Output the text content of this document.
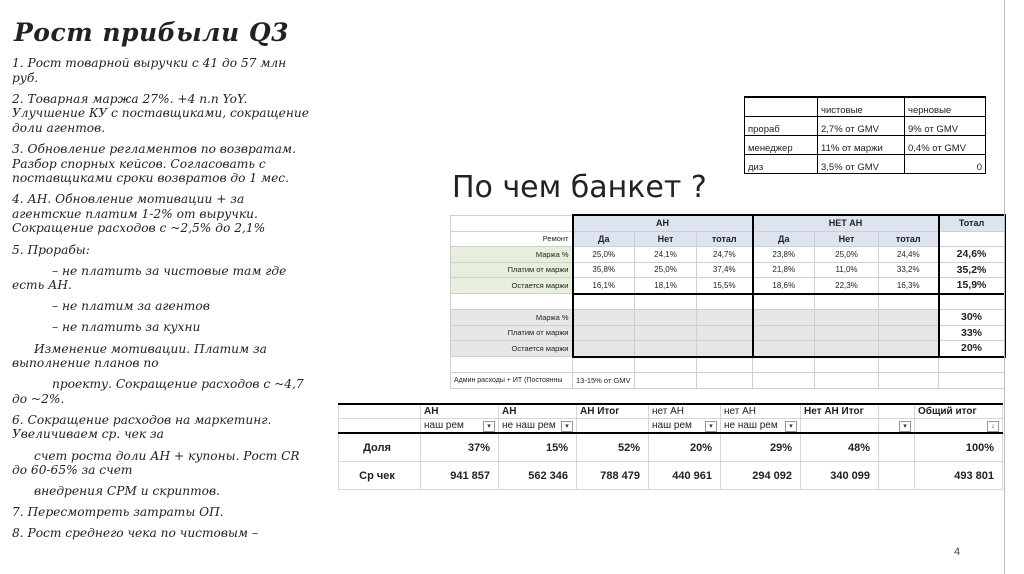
Рост прибыли Q3

1. Рост товарной выручки с 41 до 57 млн руб.

2. Товарная маржа 27%. +4 п.п YoY. Улучшение КУ с поставщиками, сокращение доли агентов.

3. Обновление регламентов по возвратам. Разбор спорных кейсов. Согласовать с поставщиками сроки возвратов до 1 мес.

4. АН. Обновление мотивации + за агентские платим 1-2% от выручки. Сокращение расходов с ~2,5% до 2,1%

5. Прорабы:

– не платить за чистовые там где есть АН.

– не платим за агентов

– не платить за кухни

Изменение мотивации. Платим за выполнение планов по

проекту. Сокращение расходов с ~4,7 до ~2%.

6. Сокращение расходов на маркетинг. Увеличиваем ср. чек за

счет роста доли АН + купоны. Рост CR до 60-65% за счет

внедрения CPM и скриптов.

7. Пересмотреть затраты ОП.

8. Рост среднего чека по чистовым –

По чем банкет ?
	чистовые	черновые
прораб	2,7% от GMV	9% от GMV
менеджер	11% от маржи	0,4% от GMV
диз	3,5% от GMV	0
	АН			НЕТ АН			Тотал
Ремонт	Да	Нет	тотал	Да	Нет	тотал	
Маржа %	25,0%	24,1%	24,7%	23,8%	25,0%	24,4%	24,6%
Платим от маржи	35,8%	25,0%	37,4%	21,8%	11,0%	33,2%	35,2%
Остается маржи	16,1%	18,1%	15,5%	18,6%	22,3%	16,3%	15,9%

Маржа %							30%
Платим от маржи							33%
Остается маржи							20%

Админ расходы + ИТ (Постоянны	13-15% от GMV						
	АН	АН	АН Итог	нет АН	нет АН	Нет АН Итог		Общий итог
	наш рем ▾	не наш рем ▾		наш рем ▾	не наш рем ▾		▾	↓

Доля	37%	15%	52%	20%	29%	48%		100%
Ср чек	941 857	562 346	788 479	440 961	294 092	340 099		493 801
4
